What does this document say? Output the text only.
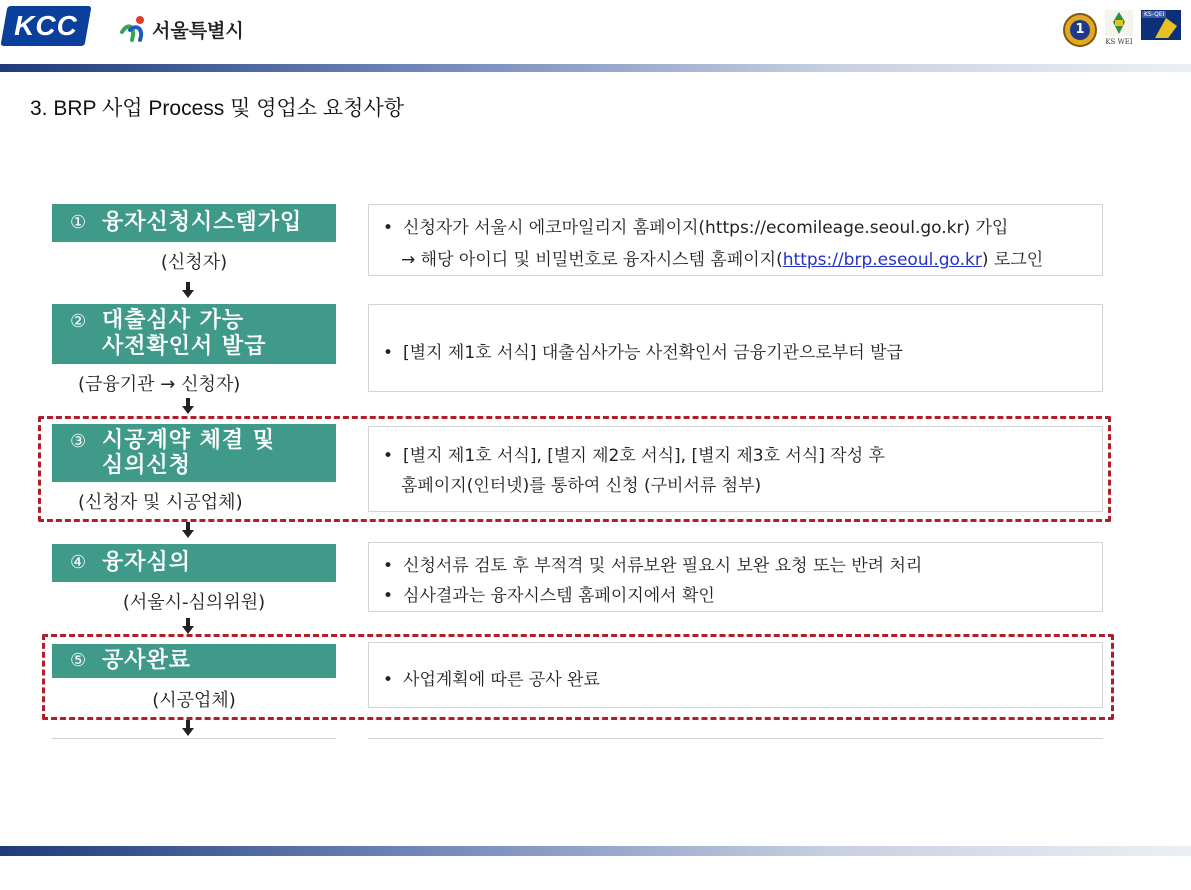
KCC	서울특별시	1
KS WEI
KS-QEI
3. BRP 사업 Process 및 영업소 요청사항
① 융자신청시스템가입
(신청자)
• 신청자가 서울시 에코마일리지 홈페이지(https://ecomileage.seoul.go.kr) 가입
→ 해당 아이디 및 비밀번호로 융자시스템 홈페이지(https://brp.eseoul.go.kr) 로그인
② 대출심사 가능
사전확인서 발급
(금융기관 → 신청자)
• [별지 제1호 서식] 대출심사가능 사전확인서 금융기관으로부터 발급
③ 시공계약 체결 및
심의신청
(신청자 및 시공업체)
• [별지 제1호 서식], [별지 제2호 서식], [별지 제3호 서식] 작성 후
홈페이지(인터넷)를 통하여 신청 (구비서류 첨부)
④ 융자심의
(서울시-심의위원)
• 신청서류 검토 후 부적격 및 서류보완 필요시 보완 요청 또는 반려 처리
• 심사결과는 융자시스템 홈페이지에서 확인
⑤ 공사완료
(시공업체)
• 사업계획에 따른 공사 완료
